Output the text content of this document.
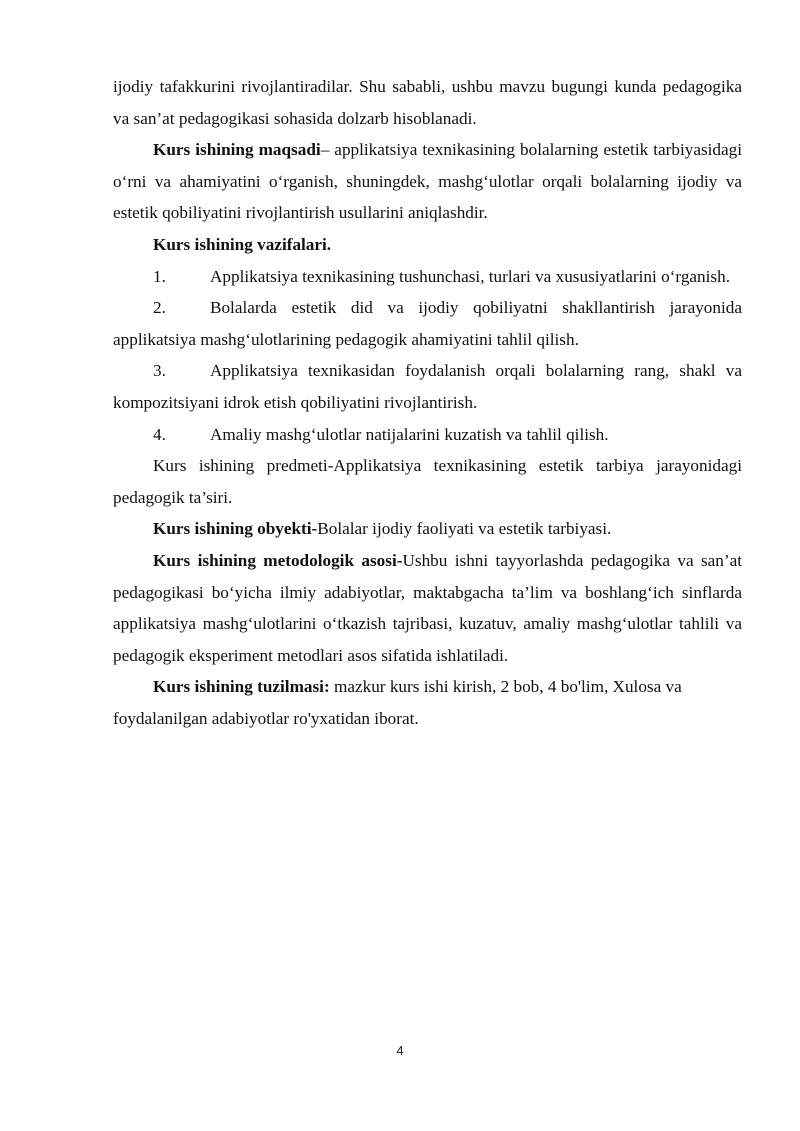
ijodiy tafakkurini rivojlantiradilar. Shu sababli, ushbu mavzu bugungi kunda pedagogika va san’at pedagogikasi sohasida dolzarb hisoblanadi.

Kurs ishining maqsadi– applikatsiya texnikasining bolalarning estetik tarbiyasidagi o‘rni va ahamiyatini o‘rganish, shuningdek, mashg‘ulotlar orqali bolalarning ijodiy va estetik qobiliyatini rivojlantirish usullarini aniqlashdir.

Kurs ishining vazifalari.

1.	Applikatsiya texnikasining tushunchasi, turlari va xususiyatlarini o‘rganish.

2.	Bolalarda estetik did va ijodiy qobiliyatni shakllantirish jarayonida applikatsiya mashg‘ulotlarining pedagogik ahamiyatini tahlil qilish.

3.	Applikatsiya texnikasidan foydalanish orqali bolalarning rang, shakl va kompozitsiyani idrok etish qobiliyatini rivojlantirish.

4.	Amaliy mashg‘ulotlar natijalarini kuzatish va tahlil qilish.

Kurs ishining predmeti-Applikatsiya texnikasining estetik tarbiya jarayonidagi pedagogik ta’siri.

Kurs ishining obyekti-Bolalar ijodiy faoliyati va estetik tarbiyasi.

Kurs ishining metodologik asosi-Ushbu ishni tayyorlashda pedagogika va san’at pedagogikasi bo‘yicha ilmiy adabiyotlar, maktabgacha ta’lim va boshlang‘ich sinflarda applikatsiya mashg‘ulotlarini o‘tkazish tajribasi, kuzatuv, amaliy mashg‘ulotlar tahlili va pedagogik eksperiment metodlari asos sifatida ishlatiladi.

Kurs ishining tuzilmasi: mazkur kurs ishi kirish, 2 bob, 4 bo'lim, Xulosa va foydalanilgan adabiyotlar ro'yxatidan iborat.

4
